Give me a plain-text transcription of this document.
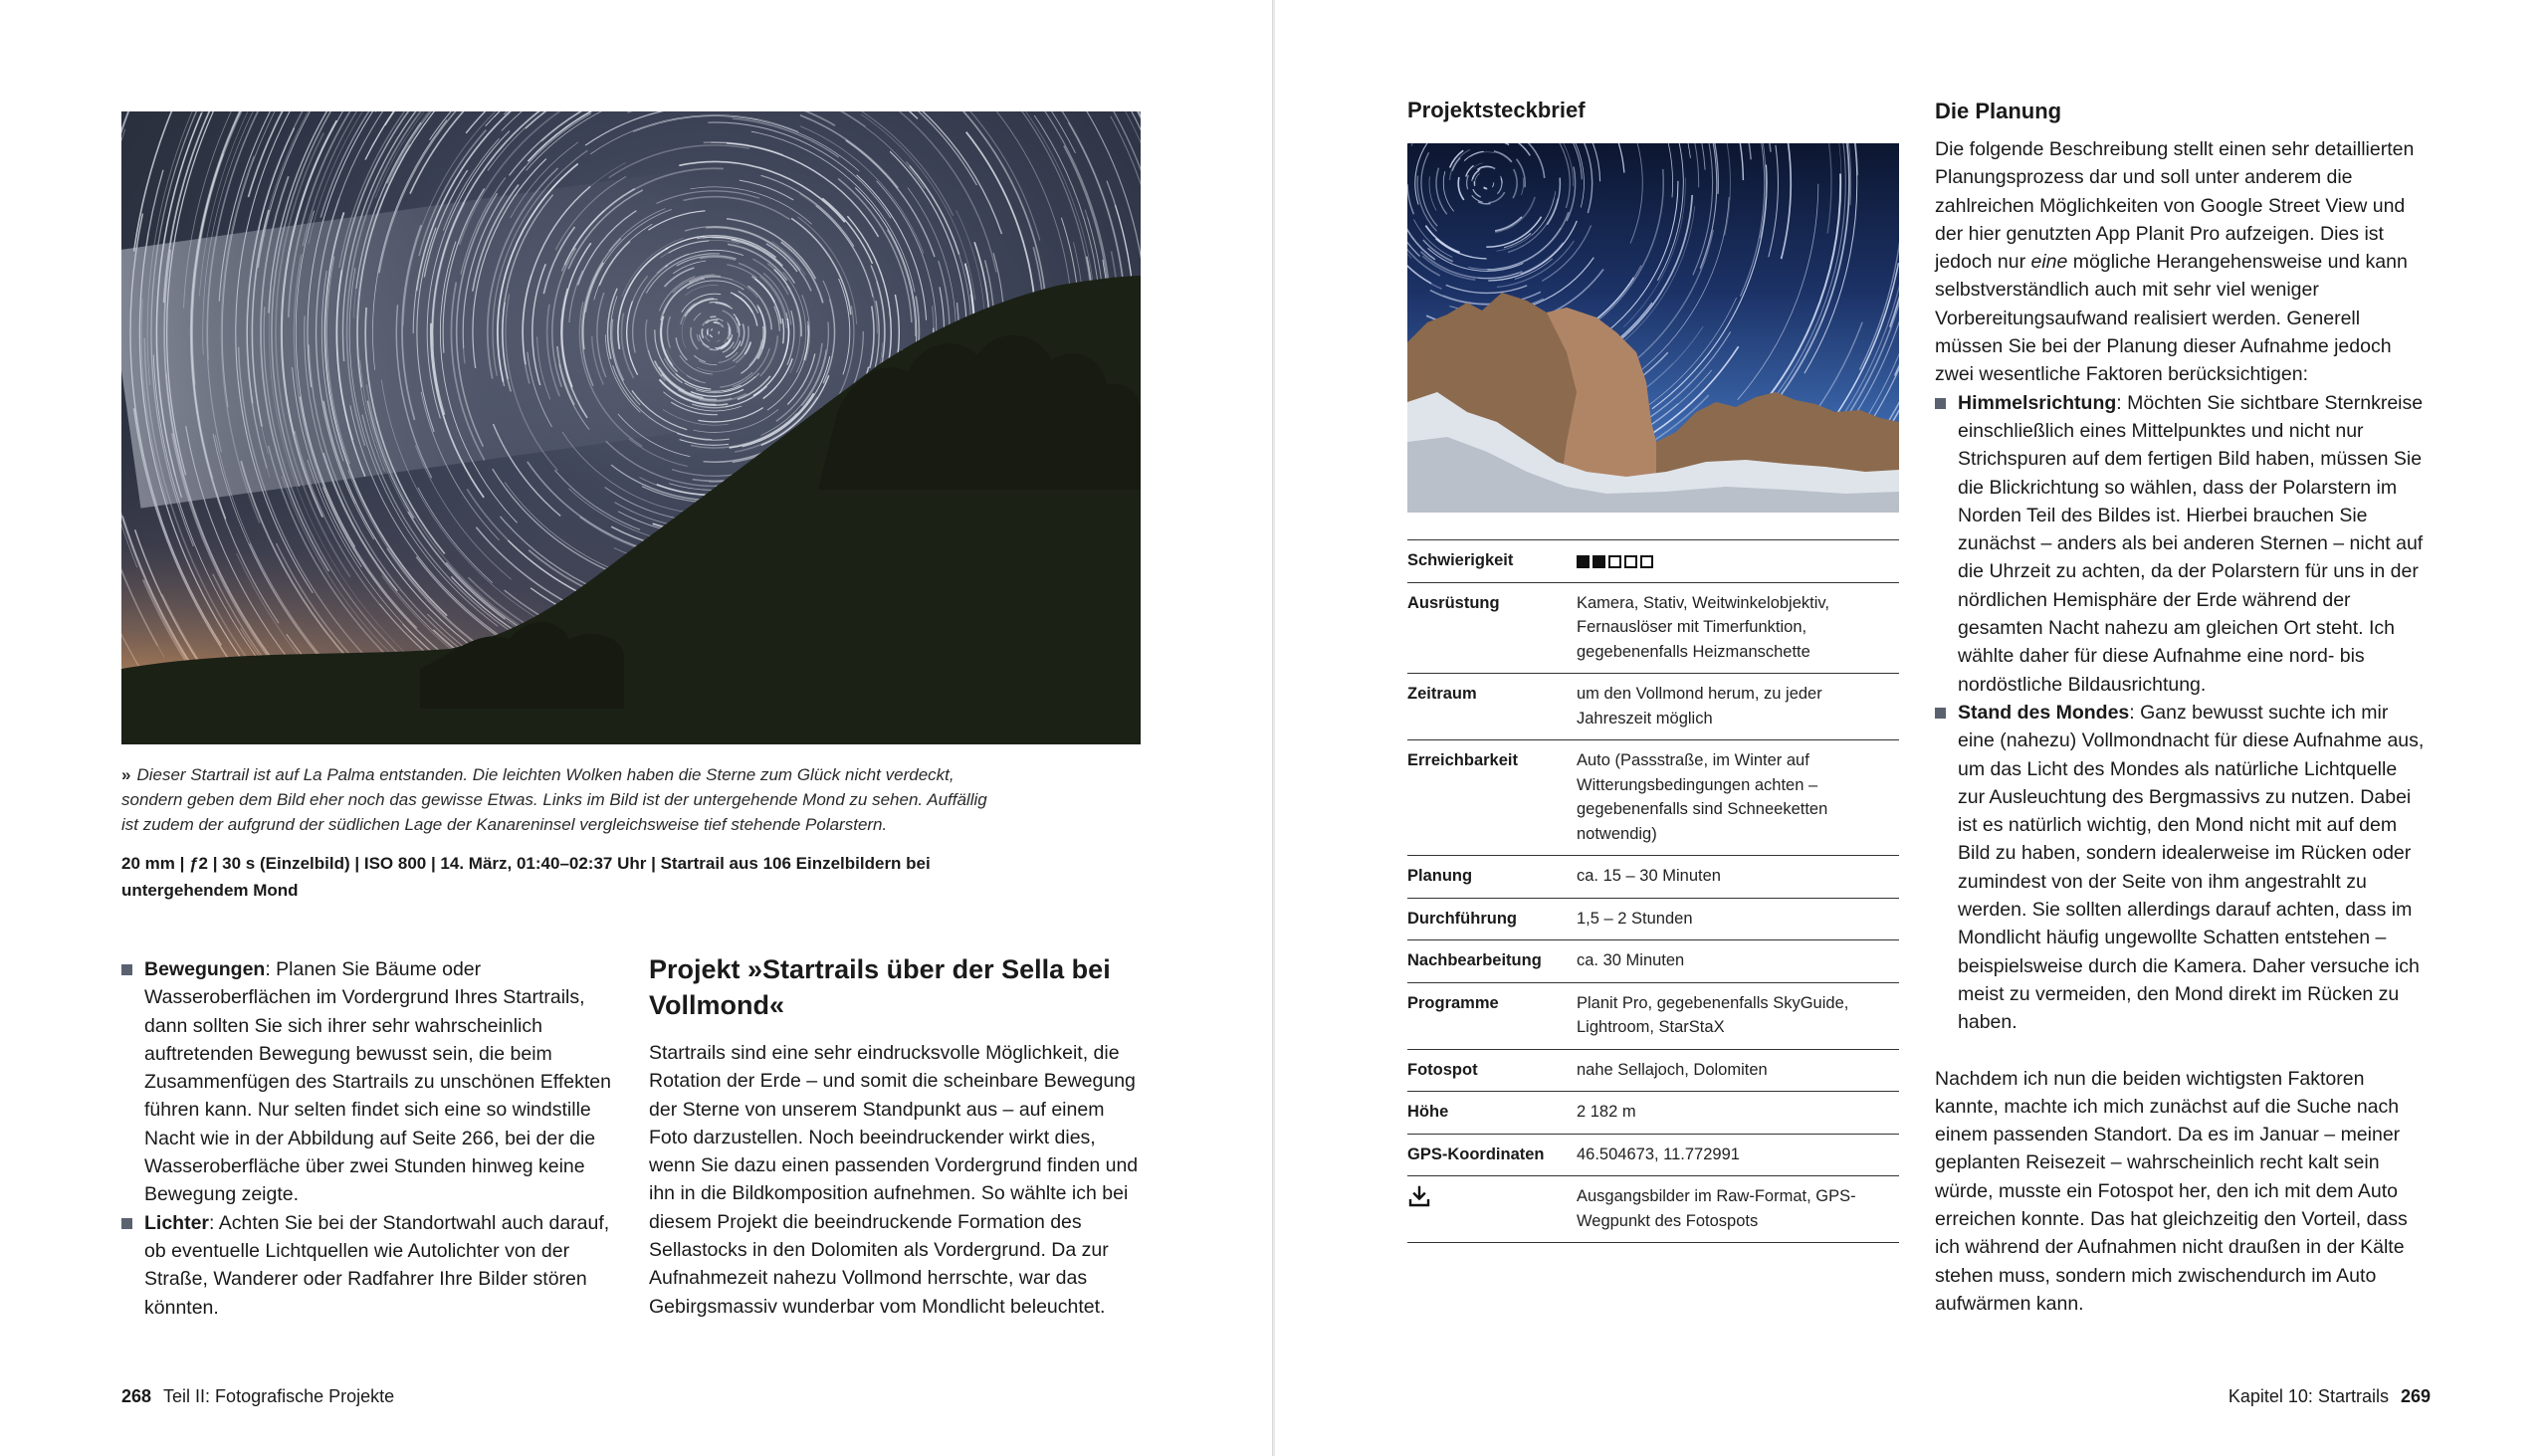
» Dieser Startrail ist auf La Palma entstanden. Die leichten Wolken haben die Sterne zum Glück nicht verdeckt, sondern geben dem Bild eher noch das gewisse Etwas. Links im Bild ist der untergehende Mond zu sehen. Auffällig ist zudem der aufgrund der südlichen Lage der Kanareninsel vergleichsweise tief stehende Polarstern.
20 mm | ƒ2 | 30 s (Einzelbild) | ISO 800 | 14. März, 01:40–02:37 Uhr | Startrail aus 106 Einzelbildern bei untergehendem Mond
Bewegungen: Planen Sie Bäume oder Wasseroberflächen im Vordergrund Ihres Startrails, dann sollten Sie sich ihrer sehr wahrscheinlich auftretenden Bewegung bewusst sein, die beim Zusammenfügen des Startrails zu unschönen Effekten führen kann. Nur selten findet sich eine so windstille Nacht wie in der Abbildung auf Seite 266, bei der die Wasseroberfläche über zwei Stunden hinweg keine Bewegung zeigte.
Lichter: Achten Sie bei der Standortwahl auch darauf, ob eventuelle Lichtquellen wie Autolichter von der Straße, Wanderer oder Radfahrer Ihre Bilder stören könnten.
Projekt »Startrails über der Sella bei Vollmond«
Startrails sind eine sehr eindrucksvolle Möglichkeit, die Rotation der Erde – und somit die scheinbare Bewegung der Sterne von unserem Standpunkt aus – auf einem Foto darzustellen. Noch beeindruckender wirkt dies, wenn Sie dazu einen passenden Vordergrund finden und ihn in die Bildkomposition aufnehmen. So wählte ich bei diesem Projekt die beeindruckende Formation des Sellastocks in den Dolomiten als Vordergrund. Da zur Aufnahmezeit nahezu Vollmond herrschte, war das Gebirgsmassiv wunderbar vom Mondlicht beleuchtet.
268 Teil II: Fotografische Projekte
Projektsteckbrief
Schwierigkeit
Ausrüstung	Kamera, Stativ, Weitwinkelobjektiv, Fernauslöser mit Timerfunktion, gegebenenfalls Heizmanschette
Zeitraum	um den Vollmond herum, zu jeder Jahreszeit möglich
Erreichbarkeit	Auto (Passstraße, im Winter auf Witterungsbedingungen achten – gegebenenfalls sind Schneeketten notwendig)
Planung	ca. 15 – 30 Minuten
Durchführung	1,5 – 2 Stunden
Nachbearbeitung	ca. 30 Minuten
Programme	Planit Pro, gegebenenfalls SkyGuide, Lightroom, StarStaX
Fotospot	nahe Sellajoch, Dolomiten
Höhe	2 182 m
GPS-Koordinaten	46.504673, 11.772991
Ausgangsbilder im Raw-Format, GPS-Wegpunkt des Fotospots
Die Planung

Die folgende Beschreibung stellt einen sehr detaillierten Planungsprozess dar und soll unter anderem die zahlreichen Möglichkeiten von Google Street View und der hier genutzten App Planit Pro aufzeigen. Dies ist jedoch nur eine mögliche Herangehensweise und kann selbstverständlich auch mit sehr viel weniger Vorbereitungsaufwand realisiert werden. Generell müssen Sie bei der Planung dieser Aufnahme jedoch zwei wesentliche Faktoren berücksichtigen:

Himmelsrichtung: Möchten Sie sichtbare Sternkreise einschließlich eines Mittelpunktes und nicht nur Strichspuren auf dem fertigen Bild haben, müssen Sie die Blickrichtung so wählen, dass der Polarstern im Norden Teil des Bildes ist. Hierbei brauchen Sie zunächst – anders als bei anderen Sternen – nicht auf die Uhrzeit zu achten, da der Polarstern für uns in der nördlichen Hemisphäre der Erde während der gesamten Nacht nahezu am gleichen Ort steht. Ich wählte daher für diese Aufnahme eine nord- bis nordöstliche Bildausrichtung.
Stand des Mondes: Ganz bewusst suchte ich mir eine (nahezu) Vollmondnacht für diese Aufnahme aus, um das Licht des Mondes als natürliche Lichtquelle zur Ausleuchtung des Bergmassivs zu nutzen. Dabei ist es natürlich wichtig, den Mond nicht mit auf dem Bild zu haben, sondern idealerweise im Rücken oder zumindest von der Seite von ihm angestrahlt zu werden. Sie sollten allerdings darauf achten, dass im Mondlicht häufig ungewollte Schatten entstehen – beispielsweise durch die Kamera. Daher versuche ich meist zu vermeiden, den Mond direkt im Rücken zu haben.

Nachdem ich nun die beiden wichtigsten Faktoren kannte, machte ich mich zunächst auf die Suche nach einem passenden Standort. Da es im Januar – meiner geplanten Reisezeit – wahrscheinlich recht kalt sein würde, musste ein Fotospot her, den ich mit dem Auto erreichen konnte. Das hat gleichzeitig den Vorteil, dass ich während der Aufnahmen nicht draußen in der Kälte stehen muss, sondern mich zwischendurch im Auto aufwärmen kann.

Kapitel 10: Startrails 269
